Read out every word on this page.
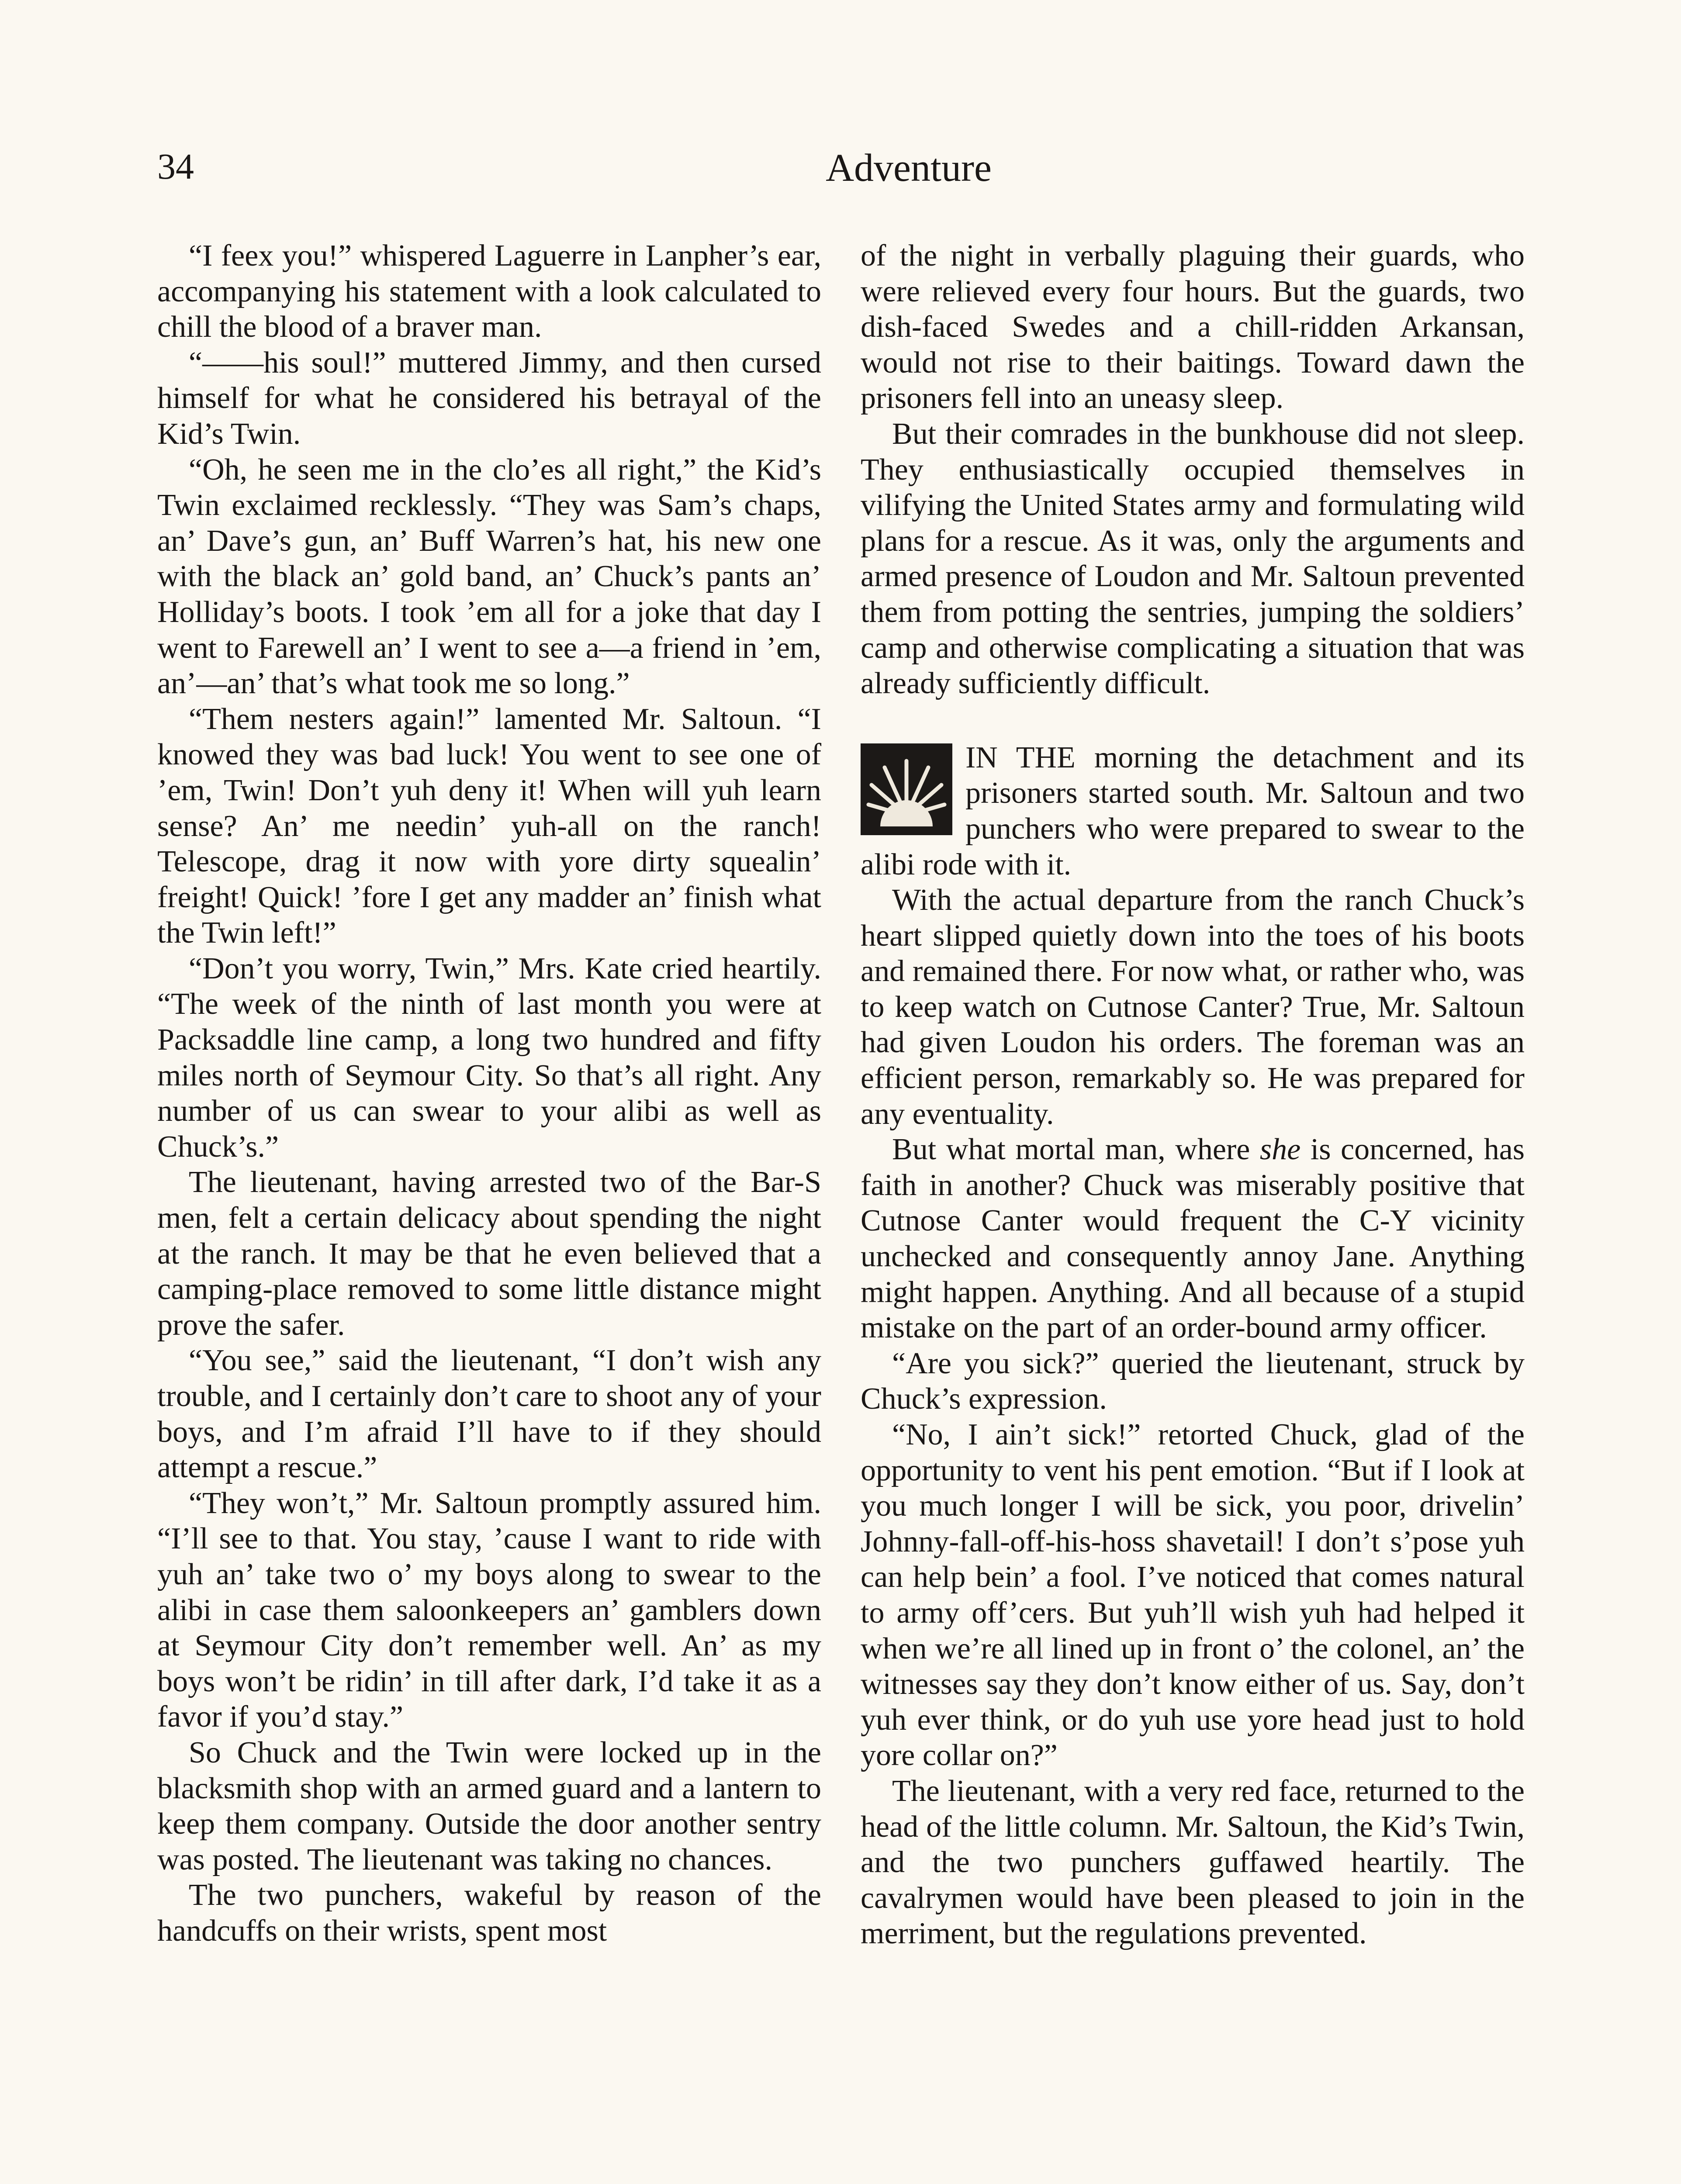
34	Adventure

“I feex you!” whispered Laguerre in Lanpher’s ear, accompanying his statement with a look calculated to chill the blood of a braver man.

“——his soul!” muttered Jimmy, and then cursed himself for what he considered his betrayal of the Kid’s Twin.

“Oh, he seen me in the clo’es all right,” the Kid’s Twin exclaimed recklessly. “They was Sam’s chaps, an’ Dave’s gun, an’ Buff Warren’s hat, his new one with the black an’ gold band, an’ Chuck’s pants an’ Holliday’s boots. I took ’em all for a joke that day I went to Farewell an’ I went to see a—a friend in ’em, an’—an’ that’s what took me so long.”

“Them nesters again!” lamented Mr. Saltoun. “I knowed they was bad luck! You went to see one of ’em, Twin! Don’t yuh deny it! When will yuh learn sense? An’ me needin’ yuh-all on the ranch! Telescope, drag it now with yore dirty squealin’ freight! Quick! ’fore I get any madder an’ finish what the Twin left!”

“Don’t you worry, Twin,” Mrs. Kate cried heartily. “The week of the ninth of last month you were at Packsaddle line camp, a long two hundred and fifty miles north of Seymour City. So that’s all right. Any number of us can swear to your alibi as well as Chuck’s.”

The lieutenant, having arrested two of the Bar-S men, felt a certain delicacy about spending the night at the ranch. It may be that he even believed that a camping-place removed to some little distance might prove the safer.

“You see,” said the lieutenant, “I don’t wish any trouble, and I certainly don’t care to shoot any of your boys, and I’m afraid I’ll have to if they should attempt a rescue.”

“They won’t,” Mr. Saltoun promptly assured him. “I’ll see to that. You stay, ’cause I want to ride with yuh an’ take two o’ my boys along to swear to the alibi in case them saloonkeepers an’ gamblers down at Seymour City don’t remember well. An’ as my boys won’t be ridin’ in till after dark, I’d take it as a favor if you’d stay.”

So Chuck and the Twin were locked up in the blacksmith shop with an armed guard and a lantern to keep them company. Outside the door another sentry was posted. The lieutenant was taking no chances.

The two punchers, wakeful by reason of the handcuffs on their wrists, spent most

of the night in verbally plaguing their guards, who were relieved every four hours. But the guards, two dish-faced Swedes and a chill-ridden Arkansan, would not rise to their baitings. Toward dawn the prisoners fell into an uneasy sleep.

But their comrades in the bunkhouse did not sleep. They enthusiastically occupied themselves in vilifying the United States army and formulating wild plans for a rescue. As it was, only the arguments and armed presence of Loudon and Mr. Saltoun prevented them from potting the sentries, jumping the soldiers’ camp and otherwise complicating a situation that was already sufficiently difficult.

IN THE morning the detachment and its prisoners started south. Mr. Saltoun and two punchers who were prepared to swear to the alibi rode with it.

With the actual departure from the ranch Chuck’s heart slipped quietly down into the toes of his boots and remained there. For now what, or rather who, was to keep watch on Cutnose Canter? True, Mr. Saltoun had given Loudon his orders. The foreman was an efficient person, remarkably so. He was prepared for any eventuality.

But what mortal man, where she is concerned, has faith in another? Chuck was miserably positive that Cutnose Canter would frequent the C-Y vicinity unchecked and consequently annoy Jane. Anything might happen. Anything. And all because of a stupid mistake on the part of an order-bound army officer.

“Are you sick?” queried the lieutenant, struck by Chuck’s expression.

“No, I ain’t sick!” retorted Chuck, glad of the opportunity to vent his pent emotion. “But if I look at you much longer I will be sick, you poor, drivelin’ Johnny-fall-off-his-hoss shavetail! I don’t s’pose yuh can help bein’ a fool. I’ve noticed that comes natural to army off’cers. But yuh’ll wish yuh had helped it when we’re all lined up in front o’ the colonel, an’ the witnesses say they don’t know either of us. Say, don’t yuh ever think, or do yuh use yore head just to hold yore collar on?”

The lieutenant, with a very red face, returned to the head of the little column. Mr. Saltoun, the Kid’s Twin, and the two punchers guffawed heartily. The cavalrymen would have been pleased to join in the merriment, but the regulations prevented.
